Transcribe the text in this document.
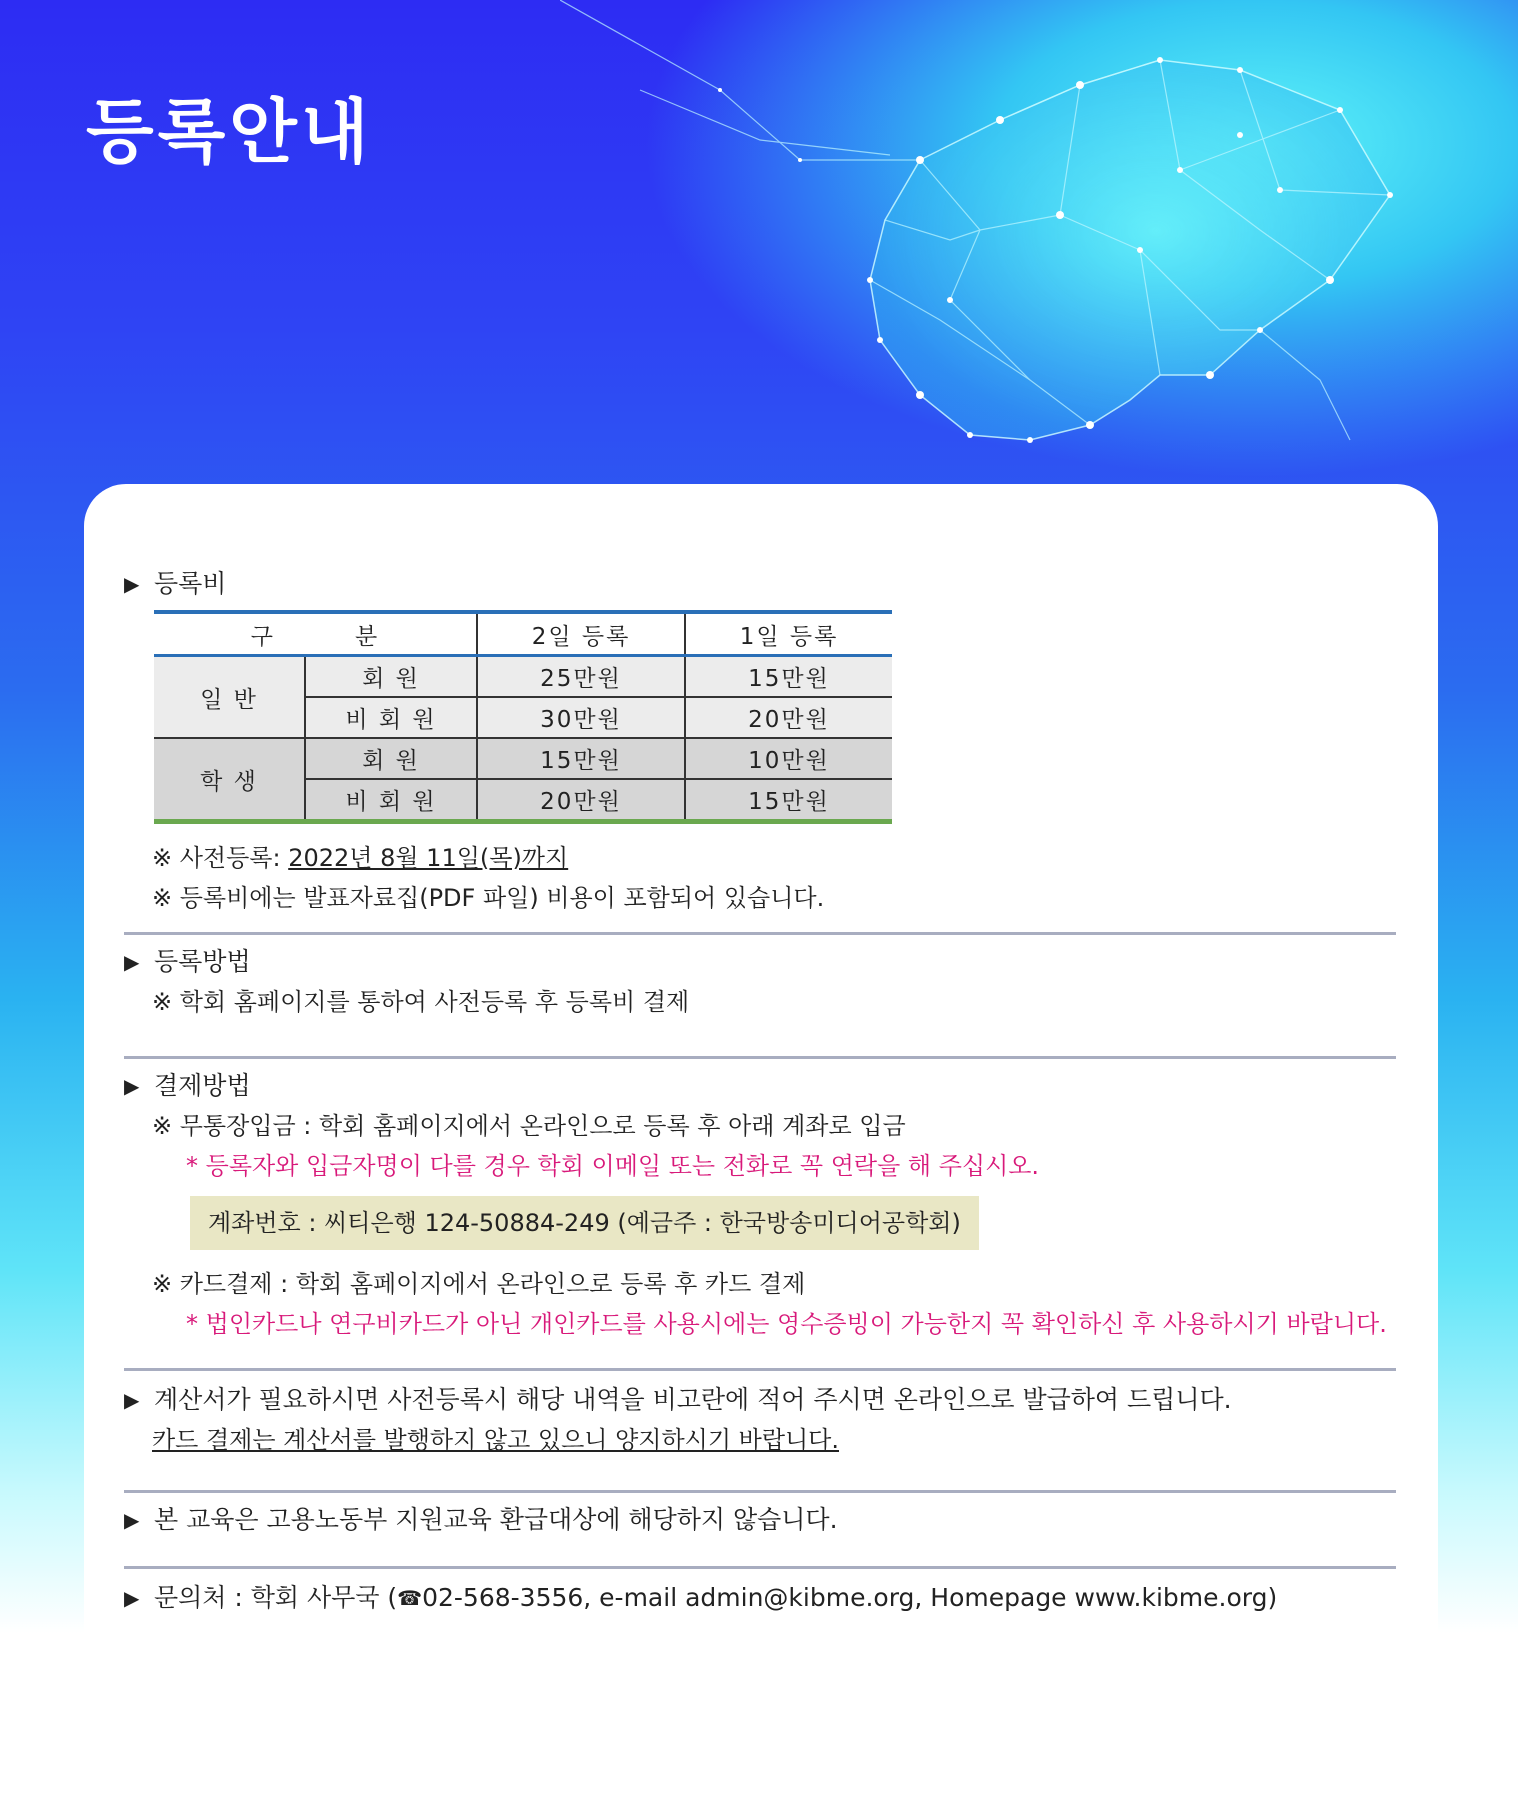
등록안내
▶ 등록비
구 분		2일 등록	1일 등록
일 반	회 원	25만원	15만원
	비 회 원	30만원	20만원
학 생	회 원	15만원	10만원
	비 회 원	20만원	15만원
※ 사전등록: 2022년 8월 11일(목)까지
※ 등록비에는 발표자료집(PDF 파일) 비용이 포함되어 있습니다.
▶ 등록방법
※ 학회 홈페이지를 통하여 사전등록 후 등록비 결제
▶ 결제방법
※ 무통장입금 : 학회 홈페이지에서 온라인으로 등록 후 아래 계좌로 입금
* 등록자와 입금자명이 다를 경우 학회 이메일 또는 전화로 꼭 연락을 해 주십시오.
계좌번호 : 씨티은행 124-50884-249 (예금주 : 한국방송미디어공학회)
※ 카드결제 : 학회 홈페이지에서 온라인으로 등록 후 카드 결제
* 법인카드나 연구비카드가 아닌 개인카드를 사용시에는 영수증빙이 가능한지 꼭 확인하신 후 사용하시기 바랍니다.
▶ 계산서가 필요하시면 사전등록시 해당 내역을 비고란에 적어 주시면 온라인으로 발급하여 드립니다.
카드 결제는 계산서를 발행하지 않고 있으니 양지하시기 바랍니다.
▶ 본 교육은 고용노동부 지원교육 환급대상에 해당하지 않습니다.
▶ 문의처 : 학회 사무국 ( ☎ 02-568-3556, e-mail admin@kibme.org, Homepage www.kibme.org)
